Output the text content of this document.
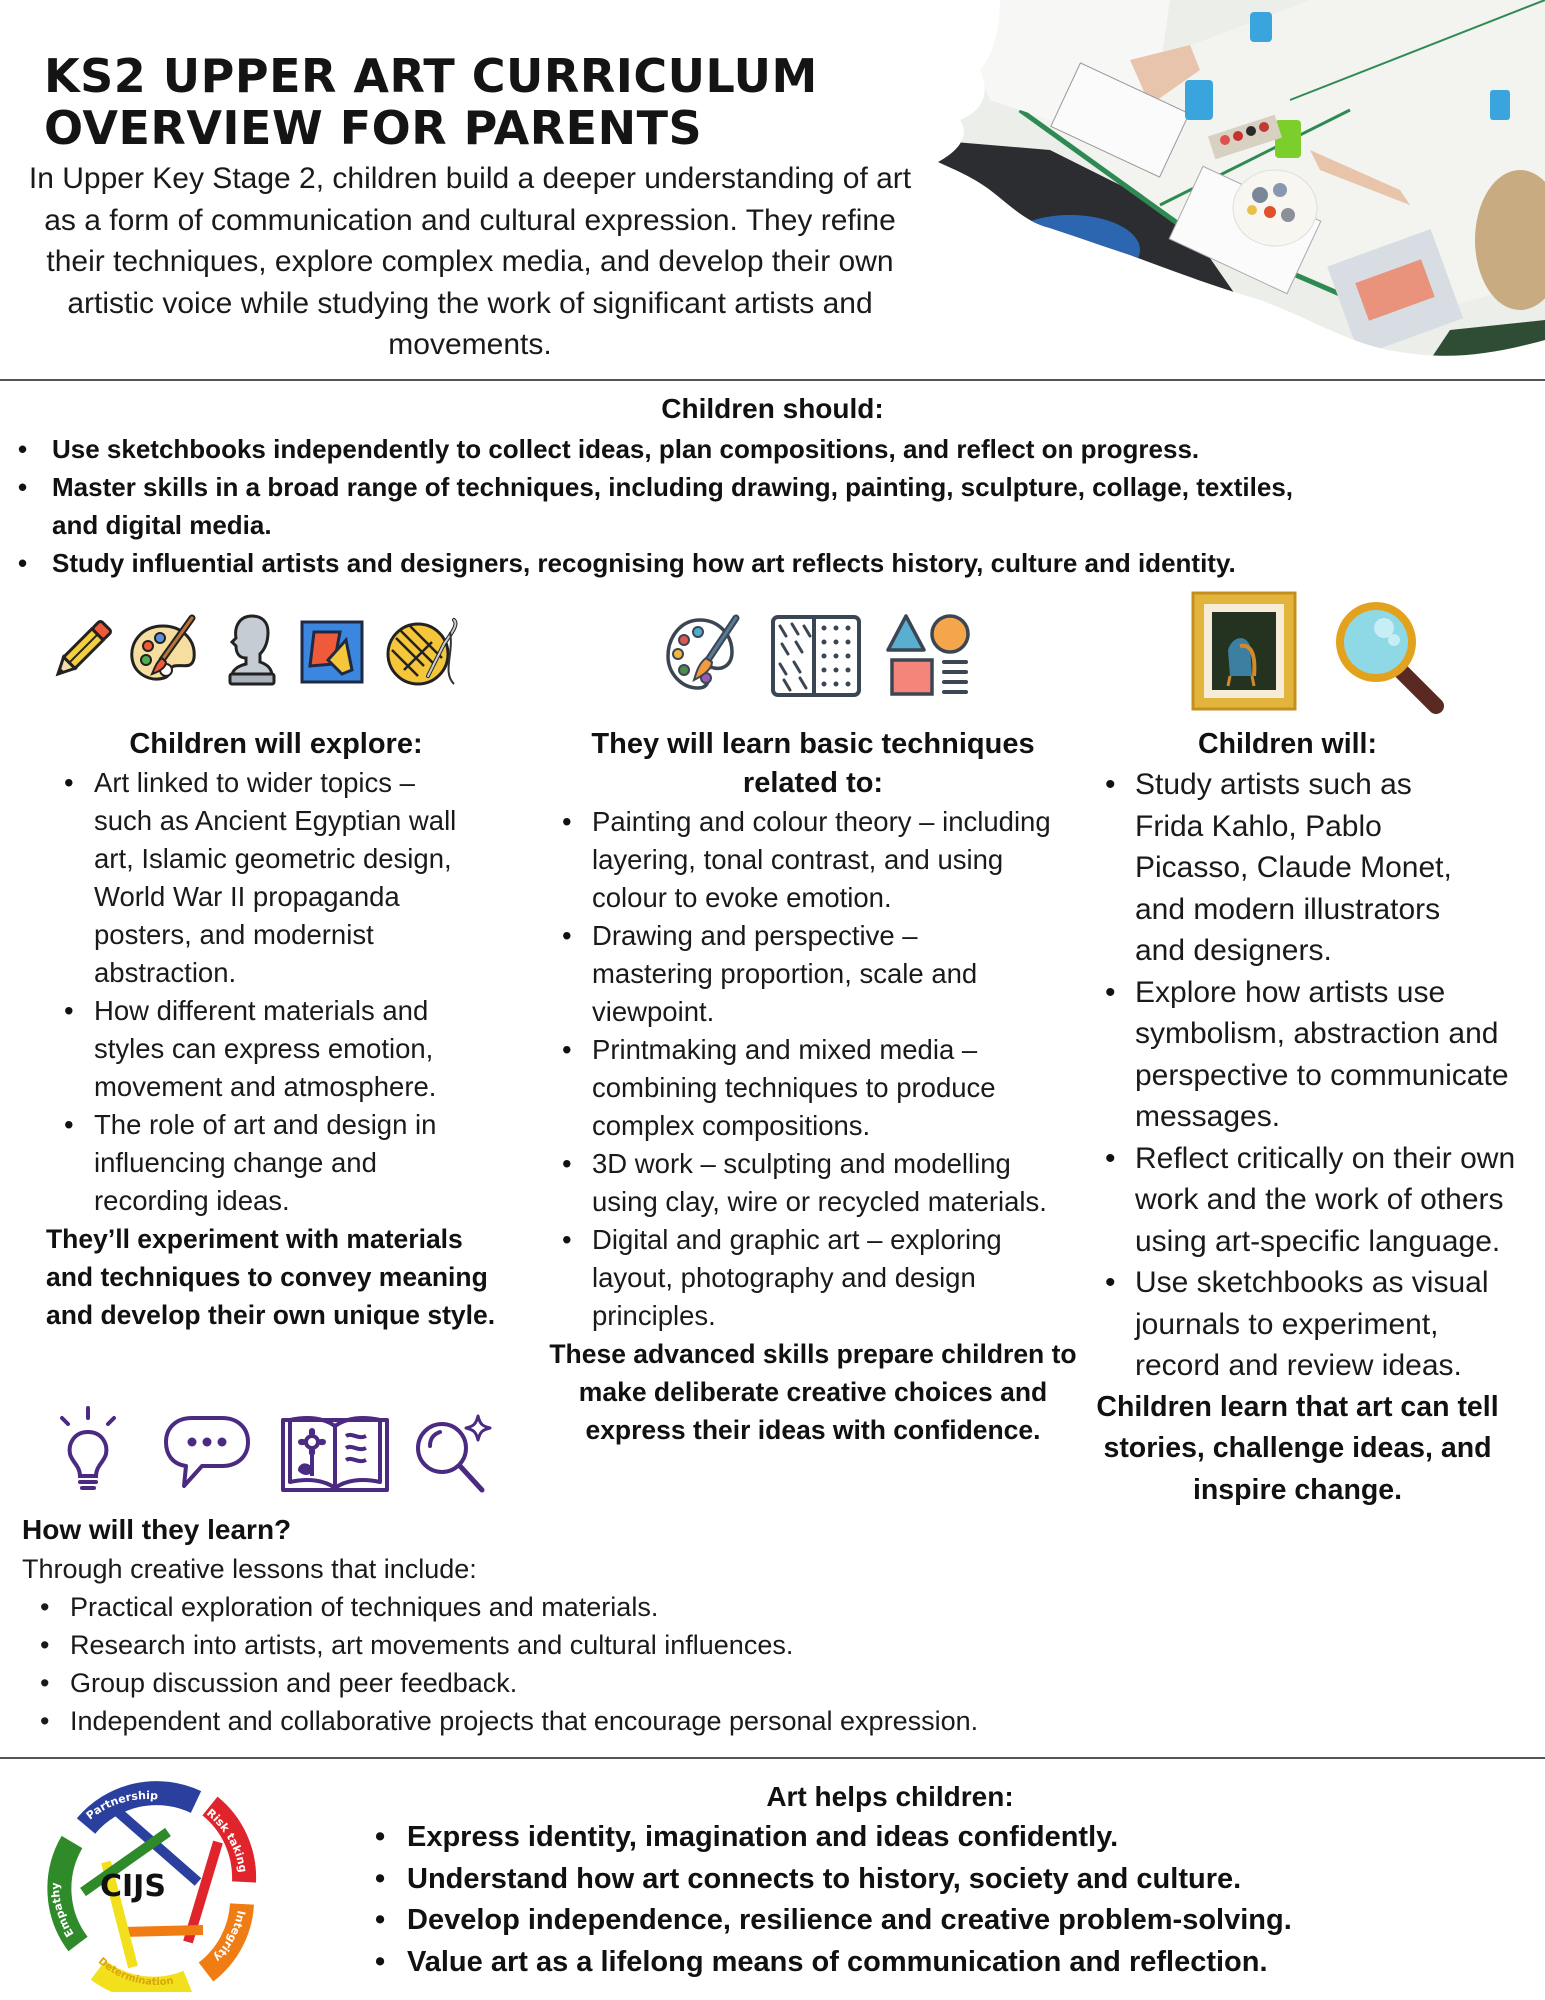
KS2 UPPER ART CURRICULUM
OVERVIEW FOR PARENTS

In Upper Key Stage 2, children build a deeper understanding of art as a form of communication and cultural expression. They refine their techniques, explore complex media, and develop their own artistic voice while studying the work of significant artists and movements.

Children should:
• Use sketchbooks independently to collect ideas, plan compositions, and reflect on progress.
• Master skills in a broad range of techniques, including drawing, painting, sculpture, collage, textiles, and digital media.
• Study influential artists and designers, recognising how art reflects history, culture and identity.
Children will explore:
• Art linked to wider topics – such as Ancient Egyptian wall art, Islamic geometric design, World War II propaganda posters, and modernist abstraction.
• How different materials and styles can express emotion, movement and atmosphere.
• The role of art and design in influencing change and recording ideas.

They’ll experiment with materials and techniques to convey meaning and develop their own unique style.

They will learn basic techniques related to:
• Painting and colour theory – including layering, tonal contrast, and using colour to evoke emotion.
• Drawing and perspective – mastering proportion, scale and viewpoint.
• Printmaking and mixed media – combining techniques to produce complex compositions.
• 3D work – sculpting and modelling using clay, wire or recycled materials.
• Digital and graphic art – exploring layout, photography and design principles.

These advanced skills prepare children to make deliberate creative choices and express their ideas with confidence.

Children will:
• Study artists such as Frida Kahlo, Pablo Picasso, Claude Monet, and modern illustrators and designers.
• Explore how artists use symbolism, abstraction and perspective to communicate messages.
• Reflect critically on their own work and the work of others using art-specific language.
• Use sketchbooks as visual journals to experiment, record and review ideas.

Children learn that art can tell stories, challenge ideas, and inspire change.

How will they learn?

Through creative lessons that include:

• Practical exploration of techniques and materials.
• Research into artists, art movements and cultural influences.
• Group discussion and peer feedback.
• Independent and collaborative projects that encourage personal expression.
CIJS
Partnership
Risk taking
Integrity
Determination
Empathy
Art helps children:
• Express identity, imagination and ideas confidently.
• Understand how art connects to history, society and culture.
• Develop independence, resilience and creative problem-solving.
• Value art as a lifelong means of communication and reflection.
